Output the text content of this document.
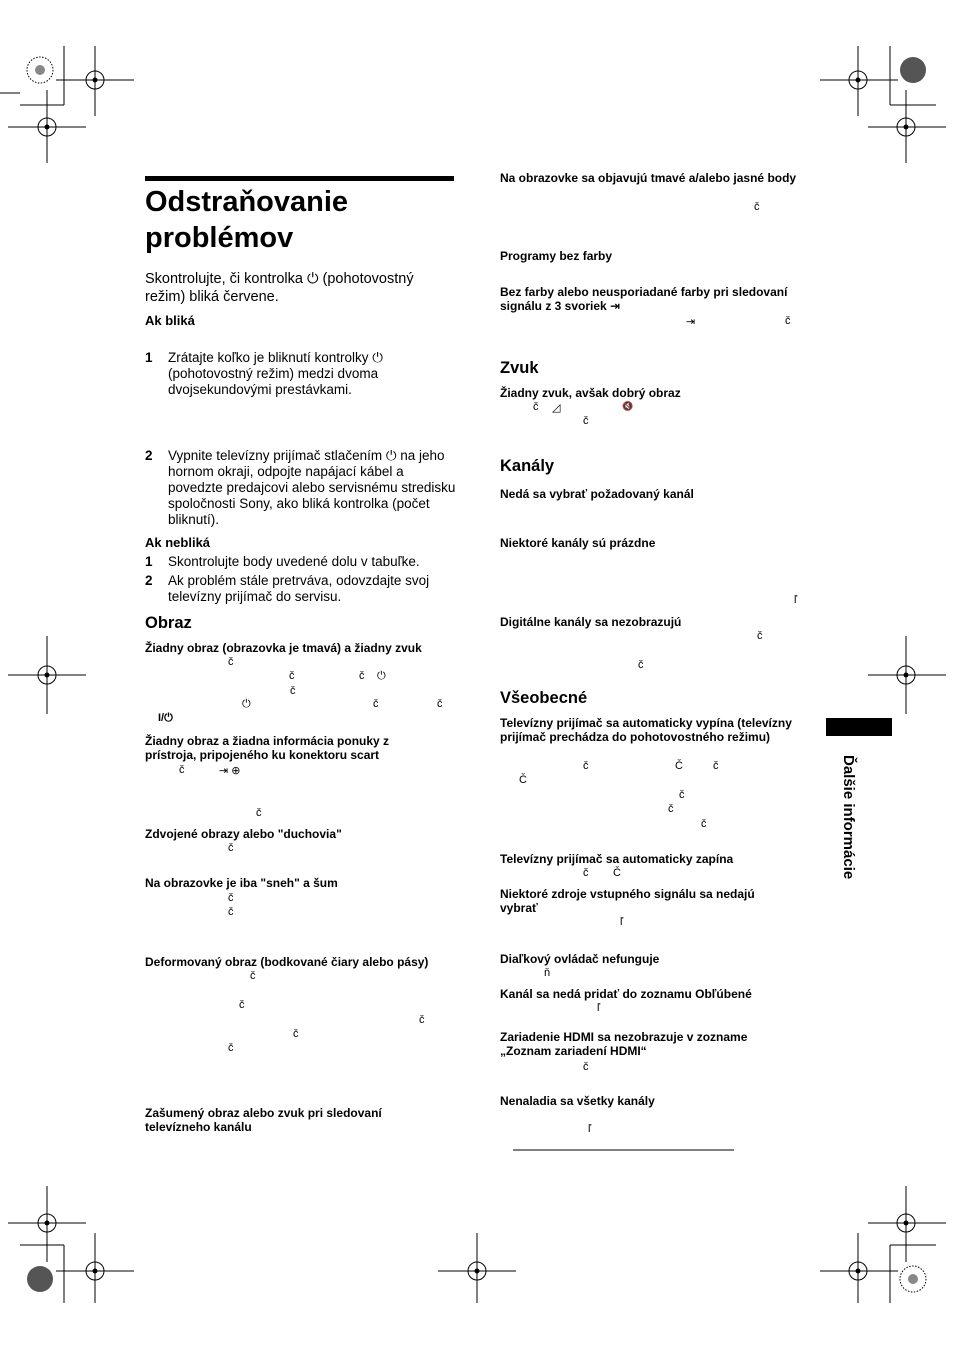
Odstraňovanie
problémov
Skontrolujte, či kontrolka ⏻ (pohotovostný režim) bliká červene.
Ak bliká
1 Zrátajte koľko je bliknutí kontrolky ⏻ (pohotovostný režim) medzi dvoma dvojsekundovými prestávkami.
2 Vypnite televízny prijímač stlačením ⏻ na jeho hornom okraji, odpojte napájací kábel a povedzte predajcovi alebo servisnému stredisku spoločnosti Sony, ako bliká kontrolka (počet bliknutí).
Ak nebliká
1 Skontrolujte body uvedené dolu v tabuľke.
2 Ak problém stále pretrváva, odovzdajte svoj televízny prijímač do servisu.
Obraz
Žiadny obraz (obrazovka je tmavá) a žiadny zvuk
č
č	č ⏻
č
⏻	č	č
I/⏻
Žiadny obraz a žiadna informácia ponuky z prístroja, pripojeného ku konektoru scart
č	⇥ ⊕
č
Zdvojené obrazy alebo "duchovia"
č
Na obrazovke je iba "sneh" a šum
č
č
Deformovaný obraz (bodkované čiary alebo pásy)
č
č
č
č
č
Zašumený obraz alebo zvuk pri sledovaní televízneho kanálu
Na obrazovke sa objavujú tmavé a/alebo jasné body
č
Programy bez farby
Bez farby alebo neusporiadané farby pri sledovaní signálu z 3 svoriek ⇥
⇥	č
Zvuk
Žiadny zvuk, avšak dobrý obraz
č ◿	🔇
č
Kanály
Nedá sa vybrať požadovaný kanál
Niektoré kanály sú prázdne
ľ
Digitálne kanály sa nezobrazujú
č
č
Všeobecné
Televízny prijímač sa automaticky vypína (televízny prijímač prechádza do pohotovostného režimu)
č	Č	č
Č
č
č
č
Televízny prijímač sa automaticky zapína
č Č
Niektoré zdroje vstupného signálu sa nedajú vybrať
ľ
Diaľkový ovládač nefunguje
ň
Kanál sa nedá pridať do zoznamu Obľúbené
ľ
Zariadenie HDMI sa nezobrazuje v zozname „Zoznam zariadení HDMI“
č
Nenaladia sa všetky kanály
ľ
Ďalšie informácie
